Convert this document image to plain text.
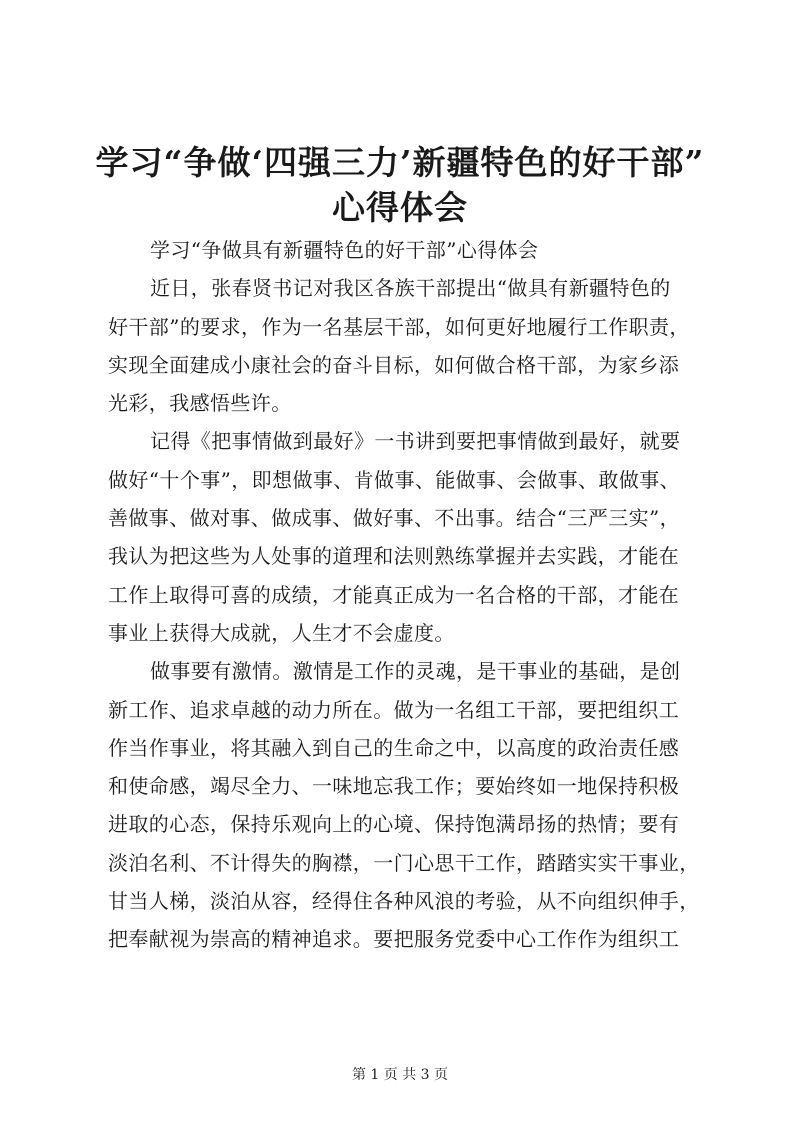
学习“争做‘四强三力’新疆特色的好干部”
心得体会
学习“争做具有新疆特色的好干部”心得体会
近日，张春贤书记对我区各族干部提出“做具有新疆特色的
好干部”的要求，作为一名基层干部，如何更好地履行工作职责，
实现全面建成小康社会的奋斗目标，如何做合格干部，为家乡添
光彩，我感悟些许。
记得《把事情做到最好》一书讲到要把事情做到最好，就要
做好“十个事”，即想做事、肯做事、能做事、会做事、敢做事、
善做事、做对事、做成事、做好事、不出事。结合“三严三实”，
我认为把这些为人处事的道理和法则熟练掌握并去实践，才能在
工作上取得可喜的成绩，才能真正成为一名合格的干部，才能在
事业上获得大成就，人生才不会虚度。
做事要有激情。激情是工作的灵魂，是干事业的基础，是创
新工作、追求卓越的动力所在。做为一名组工干部，要把组织工
作当作事业，将其融入到自己的生命之中，以高度的政治责任感
和使命感，竭尽全力、一味地忘我工作；要始终如一地保持积极
进取的心态，保持乐观向上的心境、保持饱满昂扬的热情；要有
淡泊名利、不计得失的胸襟，一门心思干工作，踏踏实实干事业，
甘当人梯，淡泊从容，经得住各种风浪的考验，从不向组织伸手，
把奉献视为崇高的精神追求。要把服务党委中心工作作为组织工
第 1 页 共 3 页
